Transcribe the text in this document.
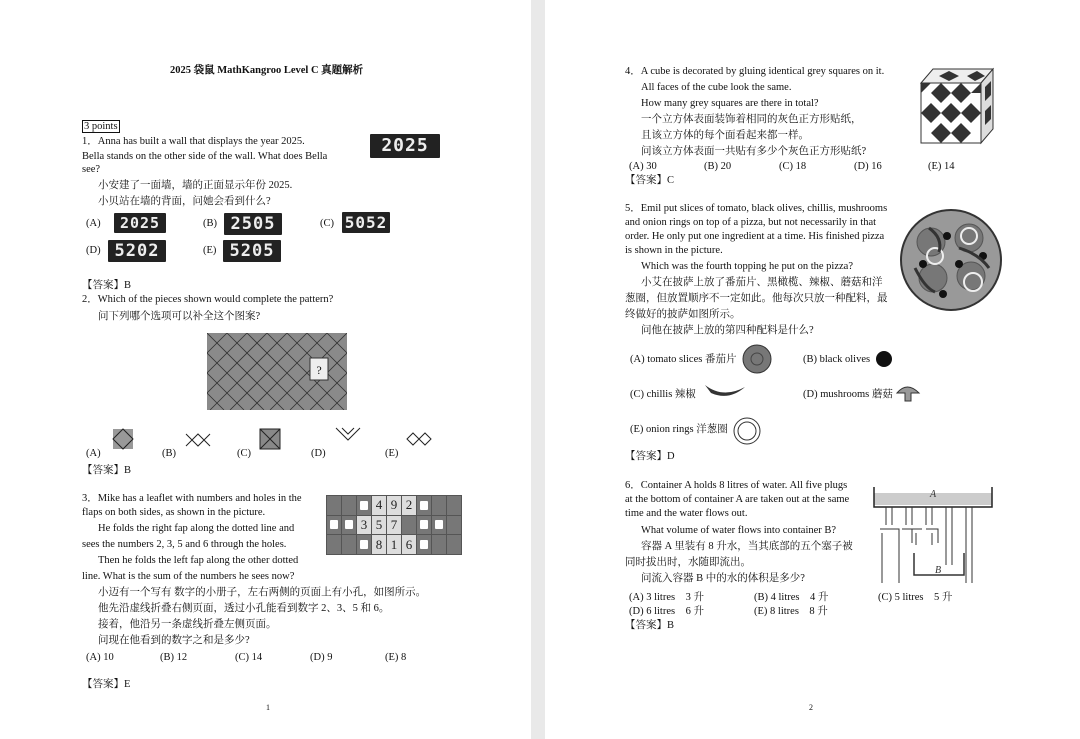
2025 袋鼠 MathKangroo Level C 真题解析
3 points
1．Anna has built a wall that displays the year 2025.
Bella stands on the other side of the wall. What does Bella
see?
小安建了一面墙，墙的正面显示年份 2025.
小贝站在墙的背面，问她会看到什么?
2025
(A)	2025	(B) 2505	(C) 5052
(D) 5202	(E) 5205
【答案】B
2．Which of the pieces shown would complete the pattern?
问下列哪个选项可以补全这个图案?
?
(A)	(B)	(C)	(D)	(E)
【答案】B
3．Mike has a leaflet with numbers and holes in the
flaps on both sides, as shown in the picture.
He folds the right fap along the dotted line and
sees the numbers 2, 3, 5 and 6 through the holes.
Then he folds the left fap along the other dotted
line. What is the sum of the numbers he sees now?
4 9 2
3 5 7
8 1 6
小迈有一个写有 数字的小册子，左右两侧的页面上有小孔，如图所示。
他先沿虚线折叠右侧页面，透过小孔能看到数字 2、3、5 和 6。
接着，他沿另一条虚线折叠左侧页面。
问现在他看到的数字之和是多少?
(A) 10	(B) 12	(C) 14	(D) 9	(E) 8
【答案】E
1
4．A cube is decorated by gluing identical grey squares on it.
All faces of the cube look the same.
How many grey squares are there in total?
一个立方体表面装饰着相同的灰色正方形贴纸，
且该立方体的每个面看起来都一样。
问该立方体表面一共贴有多少个灰色正方形贴纸?
(A) 30	(B) 20	(C) 18	(D) 16	(E) 14
【答案】C
5．Emil put slices of tomato, black olives, chillis, mushrooms
and onion rings on top of a pizza, but not necessarily in that
order. He only put one ingredient at a time. His finished pizza
is shown in the picture.
Which was the fourth topping he put on the pizza?
小艾在披萨上放了番茄片、黑橄榄、辣椒、蘑菇和洋
葱圈，但放置顺序不一定如此。他每次只放一种配料，最
终做好的披萨如图所示。
问他在披萨上放的第四种配料是什么?
(A) tomato slices 番茄片	(B) black olives
(C) chillis 辣椒	(D) mushrooms 蘑菇
(E) onion rings 洋葱圈
【答案】D
6．Container A holds 8 litres of water. All five plugs
at the bottom of container A are taken out at the same
time and the water flows out.
What volume of water flows into container B?
容器 A 里装有 8 升水，当其底部的五个塞子被
同时拔出时，水随即流出。
问流入容器 B 中的水的体积是多少?
A
B
(A) 3 litres　3 升	(B) 4 litres　4 升	(C) 5 litres　5 升
(D) 6 litres　6 升	(E) 8 litres　8 升
【答案】B
2
